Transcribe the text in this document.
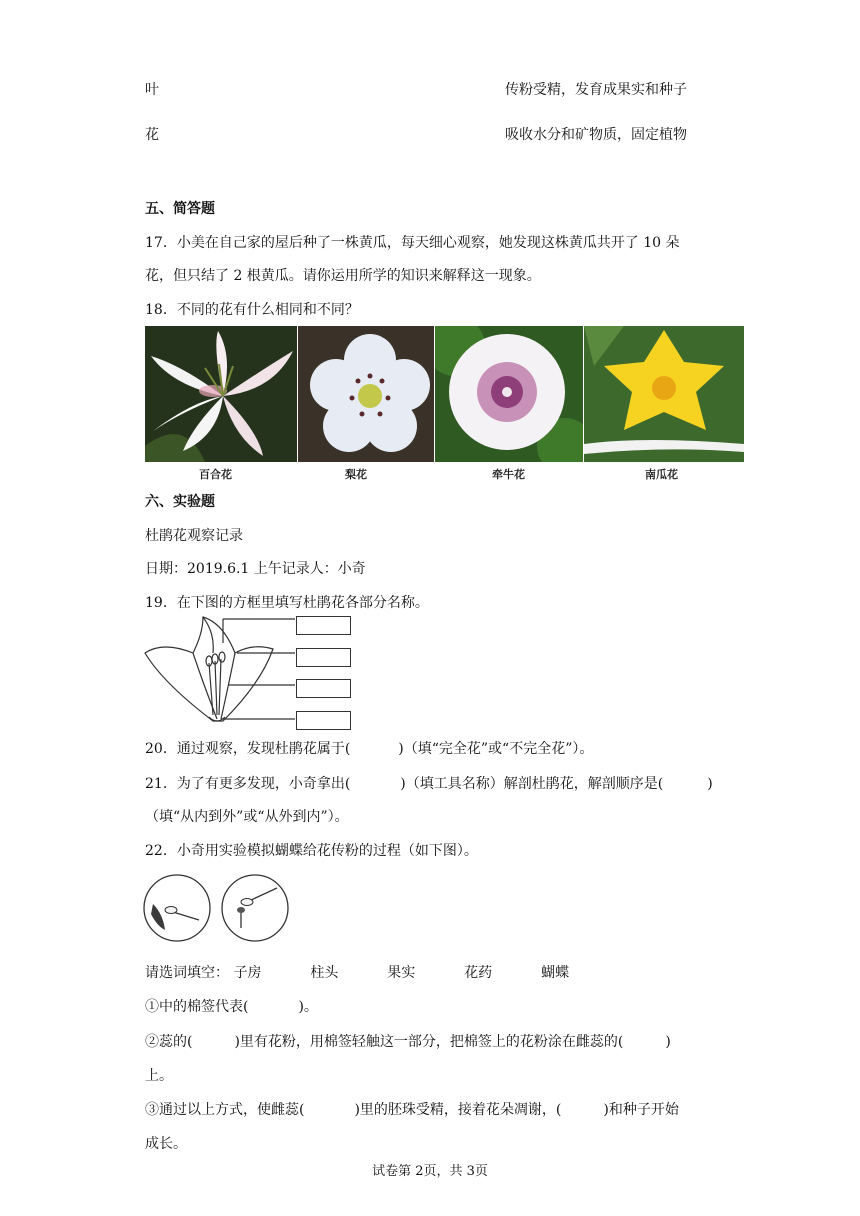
叶	传粉受精，发育成果实和种子
花	吸收水分和矿物质，固定植物
五、简答题
17．小美在自己家的屋后种了一株黄瓜，每天细心观察，她发现这株黄瓜共开了 10 朵
花，但只结了 2 根黄瓜。请你运用所学的知识来解释这一现象。
18．不同的花有什么相同和不同？
百合花	梨花	牵牛花	南瓜花
六、实验题
杜鹃花观察记录
日期：2019.6.1 上午记录人：小奇
19．在下图的方框里填写杜鹃花各部分名称。
20．通过观察，发现杜鹃花属于(	)（填“完全花”或“不完全花”）。
21．为了有更多发现，小奇拿出(	)（填工具名称）解剖杜鹃花，解剖顺序是(	)
（填“从内到外”或“从外到内”）。
22．小奇用实验模拟蝴蝶给花传粉的过程（如下图）。
请选词填空： 子房	柱头	果实	花药	蝴蝶
①中的棉签代表(	)。
②蕊的(	)里有花粉，用棉签轻触这一部分，把棉签上的花粉涂在雌蕊的(	)
上。
③通过以上方式，使雌蕊(	)里的胚珠受精，接着花朵凋谢，(	)和种子开始
成长。
试卷第 2页，共 3页
